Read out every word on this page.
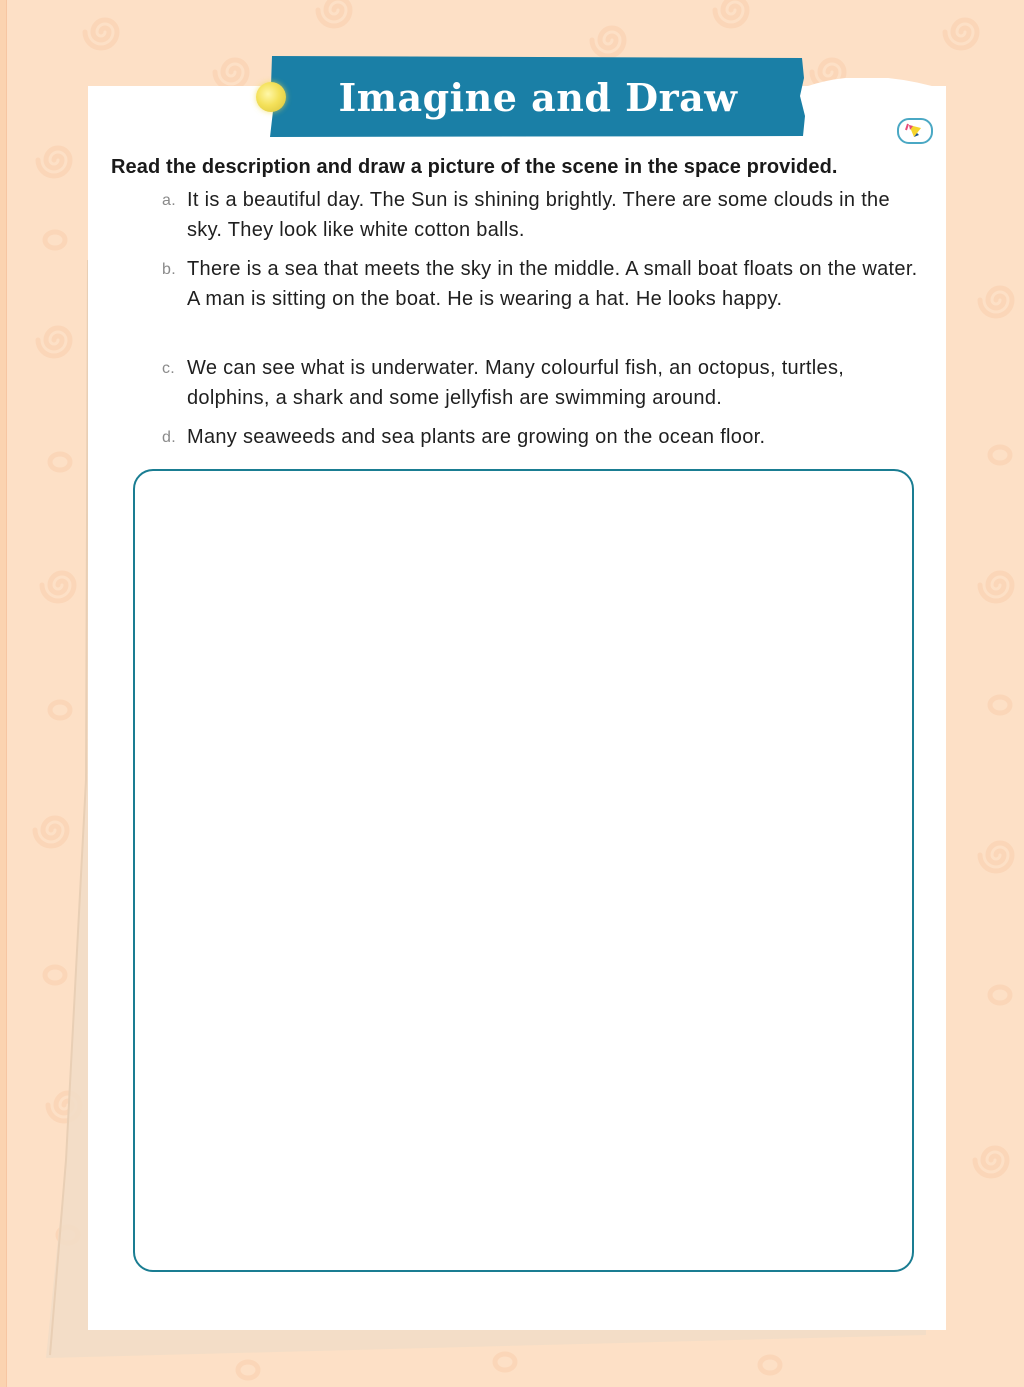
Imagine and Draw
Read the description and draw a picture of the scene in the space provided.
a. It is a beautiful day. The Sun is shining brightly. There are some clouds in the sky. They look like white cotton balls.
b. There is a sea that meets the sky in the middle. A small boat floats on the water. A man is sitting on the boat. He is wearing a hat. He looks happy.
c. We can see what is underwater. Many colourful fish, an octopus, turtles, dolphins, a shark and some jellyfish are swimming around.
d. Many seaweeds and sea plants are growing on the ocean floor.
